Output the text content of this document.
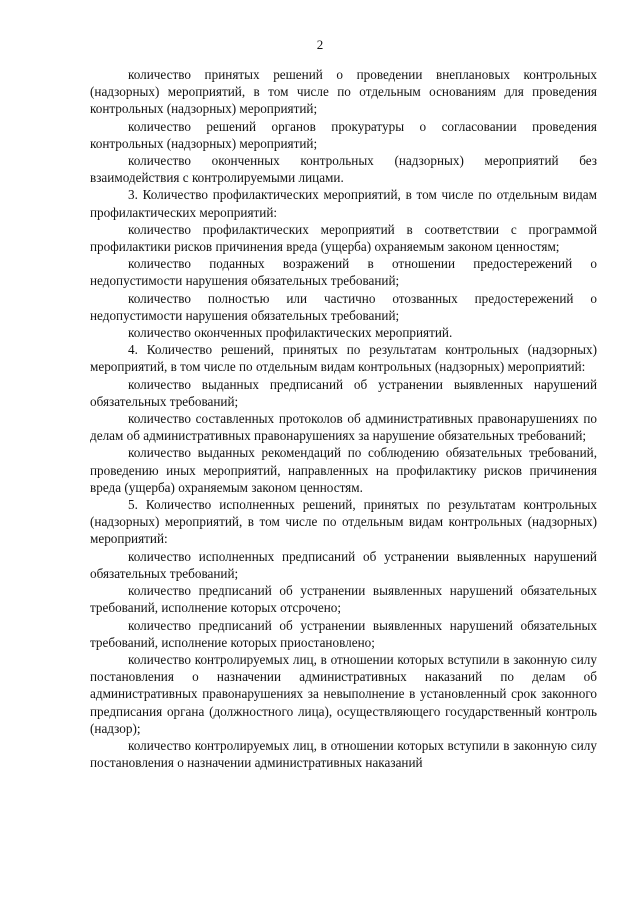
2

количество принятых решений о проведении внеплановых контрольных (надзорных) мероприятий, в том числе по отдельным основаниям для проведения контрольных (надзорных) мероприятий;

количество решений органов прокуратуры о согласовании проведения контрольных (надзорных) мероприятий;

количество оконченных контрольных (надзорных) мероприятий без взаимодействия с контролируемыми лицами.

3. Количество профилактических мероприятий, в том числе по отдельным видам профилактических мероприятий:

количество профилактических мероприятий в соответствии с программой профилактики рисков причинения вреда (ущерба) охраняемым законом ценностям;

количество поданных возражений в отношении предостережений о недопустимости нарушения обязательных требований;

количество полностью или частично отозванных предостережений о недопустимости нарушения обязательных требований;

количество оконченных профилактических мероприятий.

4. Количество решений, принятых по результатам контрольных (надзорных) мероприятий, в том числе по отдельным видам контрольных (надзорных) мероприятий:

количество выданных предписаний об устранении выявленных нарушений обязательных требований;

количество составленных протоколов об административных правонарушениях по делам об административных правонарушениях за нарушение обязательных требований;

количество выданных рекомендаций по соблюдению обязательных требований, проведению иных мероприятий, направленных на профилактику рисков причинения вреда (ущерба) охраняемым законом ценностям.

5. Количество исполненных решений, принятых по результатам контрольных (надзорных) мероприятий, в том числе по отдельным видам контрольных (надзорных) мероприятий:

количество исполненных предписаний об устранении выявленных нарушений обязательных требований;

количество предписаний об устранении выявленных нарушений обязательных требований, исполнение которых отсрочено;

количество предписаний об устранении выявленных нарушений обязательных требований, исполнение которых приостановлено;

количество контролируемых лиц, в отношении которых вступили в законную силу постановления о назначении административных наказаний по делам об административных правонарушениях за невыполнение в установленный срок законного предписания органа (должностного лица), осуществляющего государственный контроль (надзор);

количество контролируемых лиц, в отношении которых вступили в законную силу постановления о назначении административных наказаний
